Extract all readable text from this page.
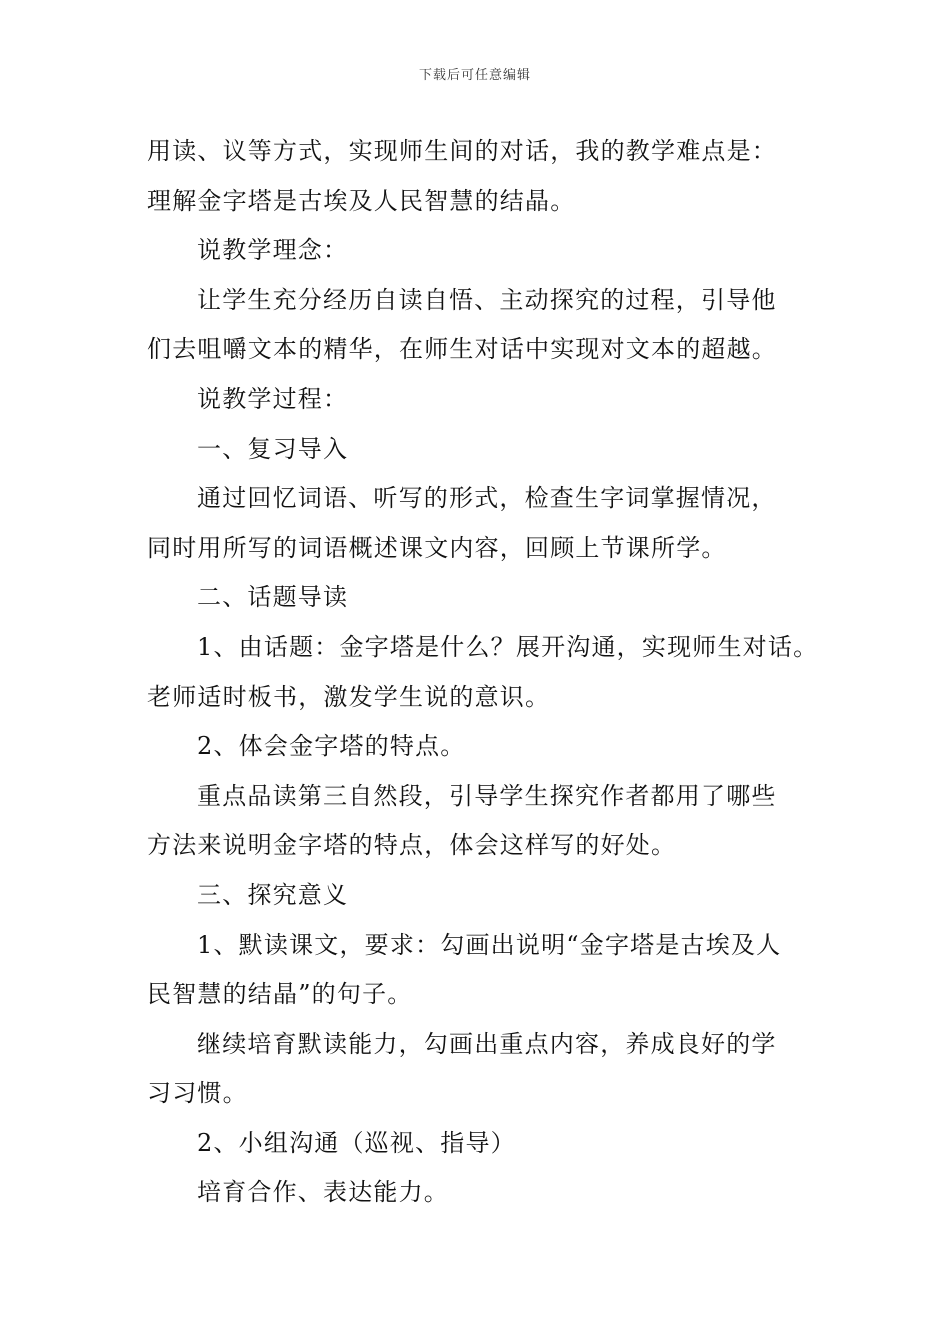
下载后可任意编辑
用读、议等方式，实现师生间的对话，我的教学难点是：
理解金字塔是古埃及人民智慧的结晶。
说教学理念：
让学生充分经历自读自悟、主动探究的过程，引导他
们去咀嚼文本的精华，在师生对话中实现对文本的超越。
说教学过程：
一、复习导入
通过回忆词语、听写的形式，检查生字词掌握情况，
同时用所写的词语概述课文内容，回顾上节课所学。
二、话题导读
1、由话题：金字塔是什么？展开沟通，实现师生对话。
老师适时板书，激发学生说的意识。
2、体会金字塔的特点。
重点品读第三自然段，引导学生探究作者都用了哪些
方法来说明金字塔的特点，体会这样写的好处。
三、探究意义
1、默读课文，要求：勾画出说明“金字塔是古埃及人
民智慧的结晶”的句子。
继续培育默读能力，勾画出重点内容，养成良好的学
习习惯。
2、小组沟通（巡视、指导）
培育合作、表达能力。
